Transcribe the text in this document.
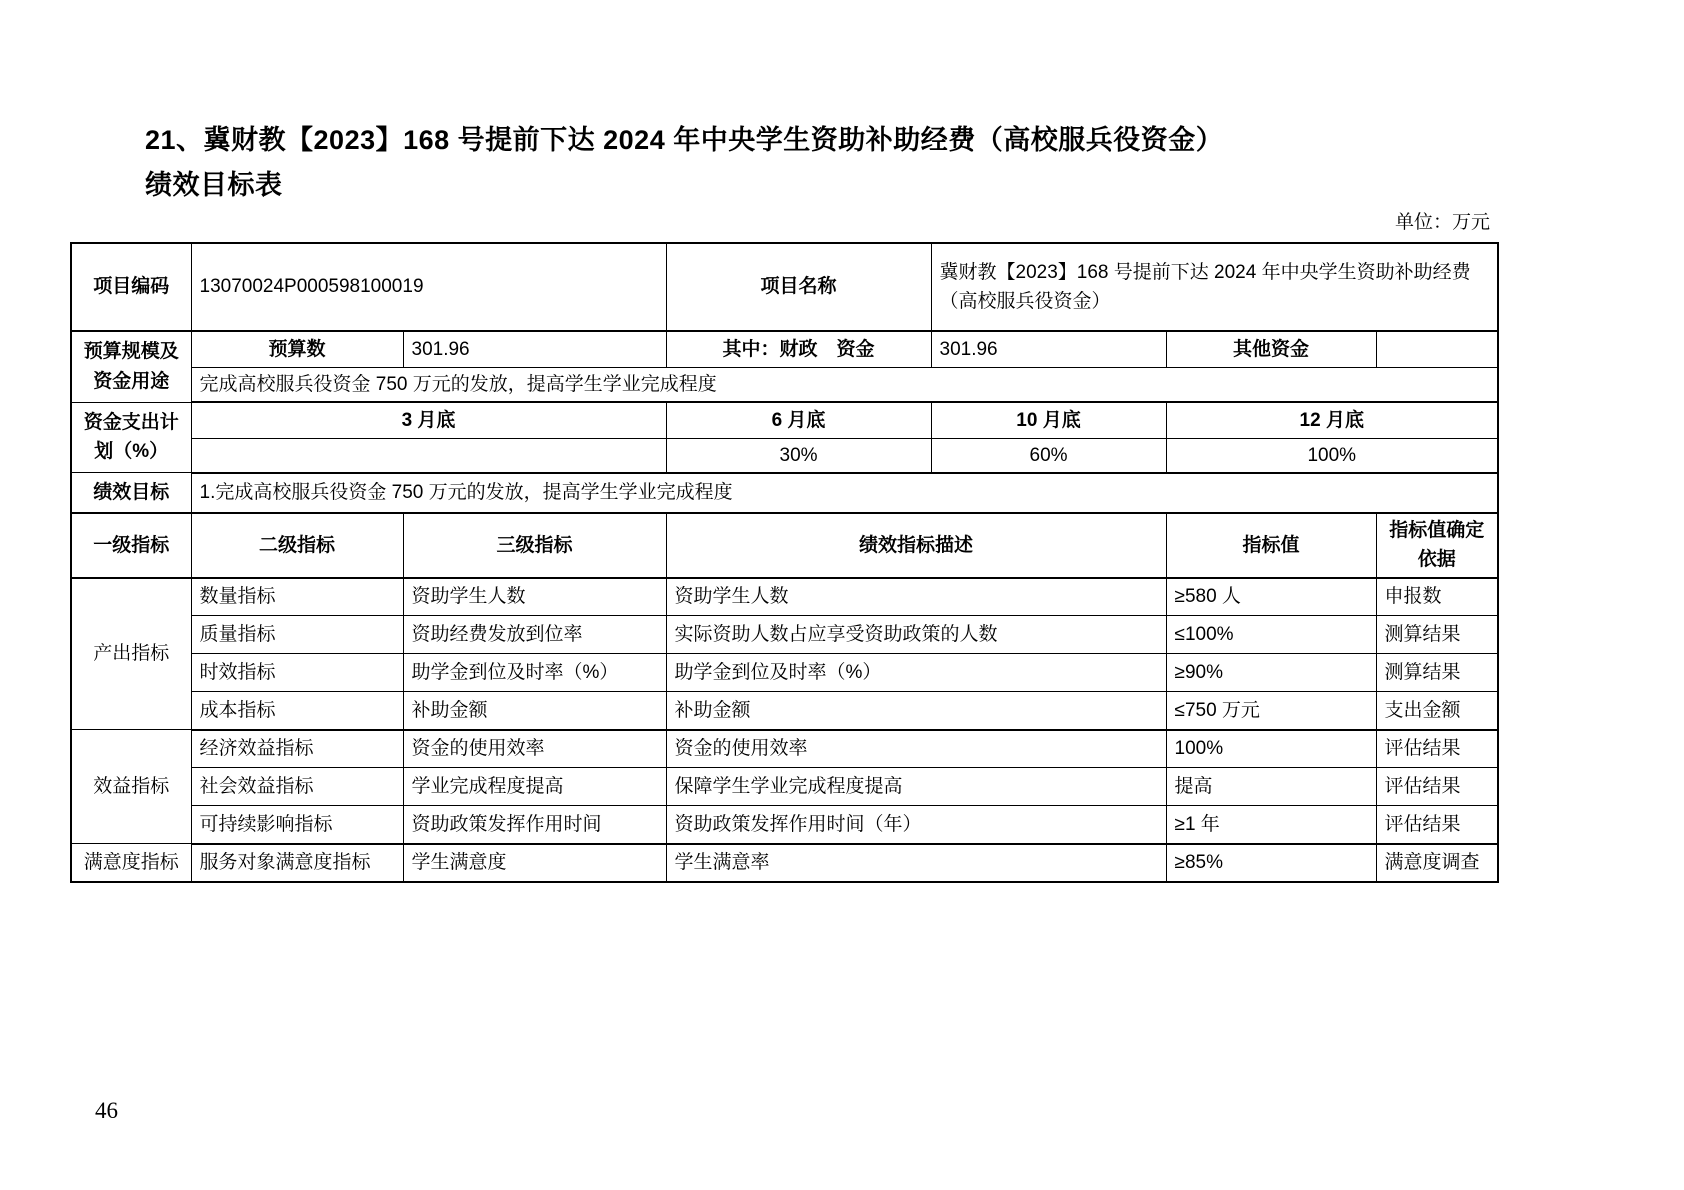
21、冀财教【2023】168 号提前下达 2024 年中央学生资助补助经费（高校服兵役资金）
绩效目标表
单位：万元
项目编码	13070024P000598100019		项目名称	冀财教【2023】168 号提前下达 2024 年中央学生资助补助经费（高校服兵役资金）		
预算规模及资金用途	预算数	301.96	其中：财政　资金	301.96	其他资金	
	完成高校服兵役资金 750 万元的发放，提高学生学业完成程度					
资金支出计划（%）	3 月底		6 月底	10 月底	12 月底	
			30%	60%	100%	
绩效目标	1.完成高校服兵役资金 750 万元的发放，提高学生学业完成程度					
一级指标	二级指标	三级指标	绩效指标描述		指标值	指标值确定依据
产出指标	数量指标	资助学生人数	资助学生人数		≥580 人	申报数
	质量指标	资助经费发放到位率	实际资助人数占应享受资助政策的人数		≤100%	测算结果
	时效指标	助学金到位及时率（%）	助学金到位及时率（%）		≥90%	测算结果
	成本指标	补助金额	补助金额		≤750 万元	支出金额
效益指标	经济效益指标	资金的使用效率	资金的使用效率		100%	评估结果
	社会效益指标	学业完成程度提高	保障学生学业完成程度提高		提高	评估结果
	可持续影响指标	资助政策发挥作用时间	资助政策发挥作用时间（年）		≥1 年	评估结果
满意度指标	服务对象满意度指标	学生满意度	学生满意率		≥85%	满意度调查
46
